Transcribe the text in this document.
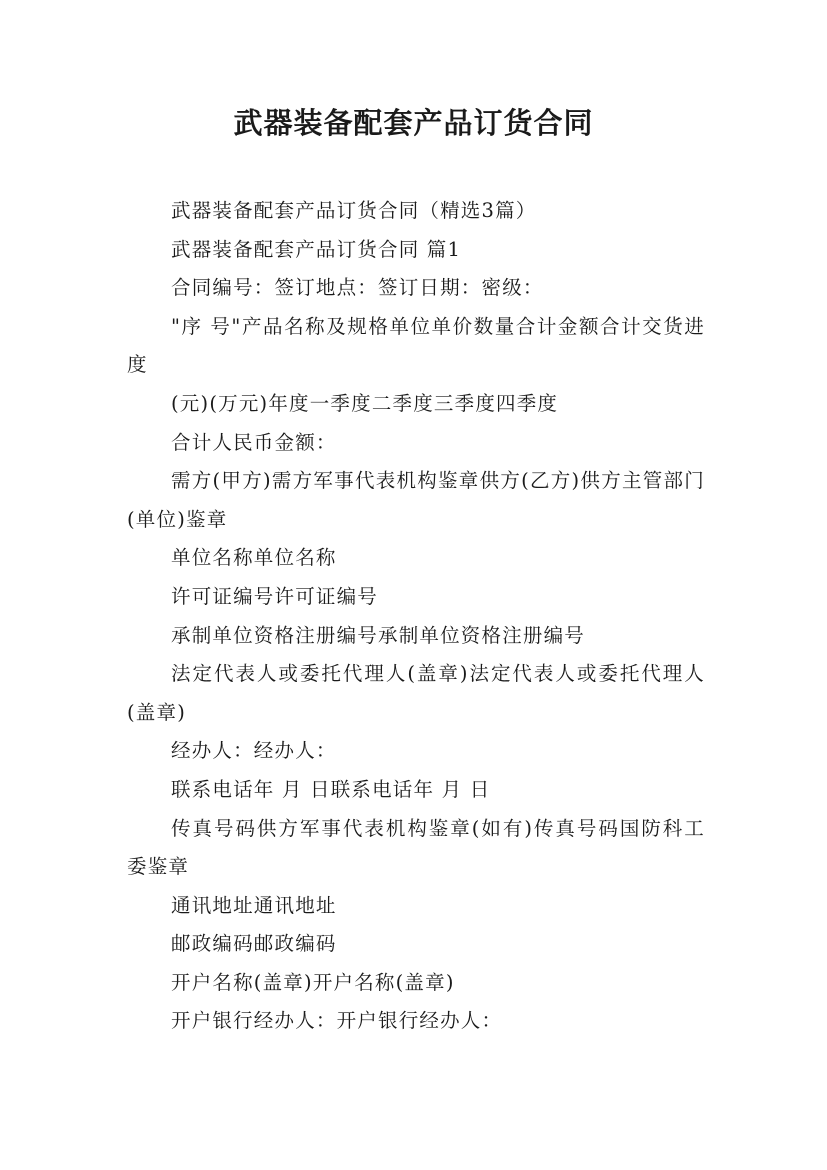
武器装备配套产品订货合同

武器装备配套产品订货合同（精选3篇）

武器装备配套产品订货合同 篇1

合同编号：签订地点：签订日期：密级：

"序 号"产品名称及规格单位单价数量合计金额合计交货进度

(元)(万元)年度一季度二季度三季度四季度

合计人民币金额：

需方(甲方)需方军事代表机构鉴章供方(乙方)供方主管部门(单位)鉴章

单位名称单位名称

许可证编号许可证编号

承制单位资格注册编号承制单位资格注册编号

法定代表人或委托代理人(盖章)法定代表人或委托代理人(盖章)

经办人：经办人：

联系电话年 月 日联系电话年 月 日

传真号码供方军事代表机构鉴章(如有)传真号码国防科工委鉴章

通讯地址通讯地址

邮政编码邮政编码

开户名称(盖章)开户名称(盖章)

开户银行经办人：开户银行经办人：
